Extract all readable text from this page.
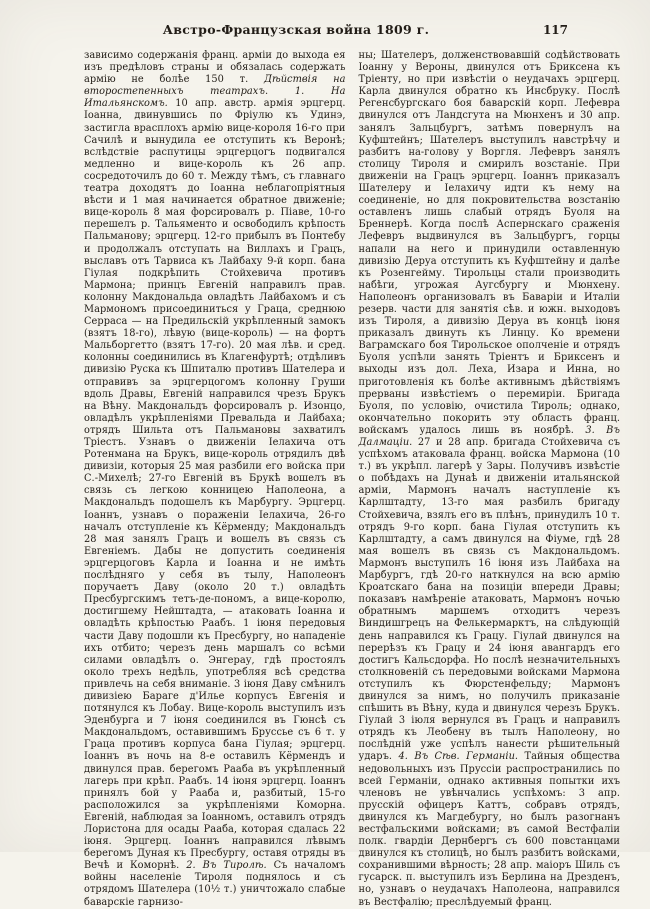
Австро-Французская война 1809 г.	117
зависимо содержанія франц. арміи до выхода ея изъ предѣловъ страны и обязалась содержать армію не болѣе 150 т. Дѣйствія на второстепенныхъ театрахъ. 1. На Итальянскомъ. 10 апр. австр. армія эрцгерц. Іоанна, двинувшись по Фріулю къ Удинэ, застигла врасплохъ армію вице-короля 16-го при Сачилѣ и вынудила ее отступить къ Веронѣ; вслѣдствіе распутицы эрцгерцогъ подвигался медленно и вице-король къ 26 апр. сосредоточилъ до 60 т. Между тѣмъ, съ главнаго театра доходятъ до Іоанна неблагопріятныя вѣсти и 1 мая начинается обратное движеніе; вице-король 8 мая форсировалъ р. Піаве, 10-го перешелъ р. Тальяменто и освободилъ крѣпость Пальманову; эрцгерц. 12-го прибылъ въ Понтебу и продолжалъ отступать на Виллахъ и Грацъ, выславъ отъ Тарвиса къ Лайбаху 9-й корп. бана Гіулая подкрѣпить Стойхевича противъ Мармона; принцъ Евгеній направилъ прав. колонну Макдональда овладѣть Лайбахомъ и съ Мармономъ присоединиться у Граца, среднюю Серраса — на Предильскій укрѣпленный замокъ (взятъ 18-го), лѣвую (вице-король) — на фортъ Мальборгетто (взятъ 17-го). 20 мая лѣв. и сред. колонны соединились въ Клагенфуртѣ; отдѣливъ дивизію Руска къ Шпиталю противъ Шателера и отправивъ за эрцгерцогомъ колонну Груши вдоль Дравы, Евгеній направился чрезъ Брукъ на Вѣну. Макдональдъ форсировалъ р. Изонцо, овладѣлъ укрѣпленіями Превальда и Лайбаха; отрядъ Шильта отъ Пальмановы захватилъ Тріестъ. Узнавъ о движеніи Іелахича отъ Ротенмана на Брукъ, вице-король отрядилъ двѣ дивизіи, которыя 25 мая разбили его войска при С.-Михелѣ; 27-го Евгеній въ Брукѣ вошелъ въ связь съ легкою конницею Наполеона, а Макдональдъ подошелъ къ Марбургу. Эрцгерц. Іоаннъ, узнавъ о пораженіи Іелахича, 26-го началъ отступленіе къ Кёрменду; Макдональдъ 28 мая занялъ Грацъ и вошелъ въ связь съ Евгеніемъ. Дабы не допустить соединенія эрцгерцоговъ Карла и Іоанна и не имѣть послѣдняго у себя въ тылу, Наполеонъ поручаетъ Даву (около 20 т.) овладѣть Пресбургскимъ тетъ-де-пономъ, а вице-королю, достигшему Нейштадта, — атаковать Іоанна и овладѣть крѣпостью Раабъ. 1 іюня передовыя части Даву подошли къ Пресбургу, но нападеніе ихъ отбито; черезъ день маршалъ со всѣми силами овладѣлъ о. Энгерау, гдѣ простоялъ около трехъ недѣль, употребляя всѣ средства привлечь на себя вниманіе. 3 іюня Даву смѣнилъ дивизіею Бараге д'Илье корпусъ Евгенія и потянулся къ Лобау. Вице-король выступилъ изъ Эденбурга и 7 іюня соединился въ Гюнсѣ съ Макдональдомъ, оставившимъ Бруссье съ 6 т. у Граца противъ корпуса бана Гіулая; эрцгерц. Іоаннъ въ ночь на 8-е оставилъ Кёрмендъ и двинулся прав. берегомъ Рааба въ укрѣпленный лагерь при крѣп. Раабъ. 14 іюня эрцгерц. Іоаннъ принялъ бой у Рааба и, разбитый, 15-го расположился за укрѣпленіями Коморна. Евгеній, наблюдая за Іоанномъ, оставилъ отрядъ Лористона для осады Рааба, которая сдалась 22 іюня. Эрцгерц. Іоаннъ направился лѣвымъ берегомъ Дуная къ Пресбургу, оставя отряды въ Вечѣ и Коморнѣ. 2. Въ Тиролѣ. Съ началомъ войны населеніе Тироля поднялось и съ отрядомъ Шателера (10½ т.) уничтожало слабые баварскіе гарнизо-
ны; Шателеръ, долженствовавшій содѣйствовать Іоанну у Вероны, двинулся отъ Бриксена къ Тріенту, но при извѣстіи о неудачахъ эрцгерц. Карла двинулся обратно къ Инсбруку. Послѣ Регенсбургскаго боя баварскій корп. Лефевра двинулся отъ Ландсгута на Мюнхенъ и 30 апр. занялъ Зальцбургъ, затѣмъ повернулъ на Куфштейнъ; Шателеръ выступилъ навстрѣчу и разбитъ на-голову у Воргля. Лефевръ занялъ столицу Тироля и смирилъ возстаніе. При движеніи на Грацъ эрцгерц. Іоаннъ приказалъ Шателеру и Іелахичу идти къ нему на соединеніе, но для покровительства возстанію оставленъ лишь слабый отрядъ Буоля на Бреннерѣ. Когда послѣ Аспернскаго сраженія Лефевръ выдвинулся въ Зальцбургъ, горцы напали на него и принудили оставленную дивизію Деруа отступить къ Куфштейну и далѣе къ Розенгейму. Тирольцы стали производить набѣги, угрожая Аугсбургу и Мюнхену. Наполеонъ организовалъ въ Баваріи и Италіи резерв. части для занятія сѣв. и южн. выходовъ изъ Тироля, а дивизію Деруа въ концѣ іюня приказалъ двинуть къ Линцу. Ко времени Ваграмскаго боя Тирольское ополченіе и отрядъ Буоля успѣли занять Тріентъ и Бриксенъ и выходы изъ дол. Леха, Изара и Инна, но приготовленія къ болѣе активнымъ дѣйствіямъ прерваны извѣстіемъ о перемиріи. Бригада Буоля, по условію, очистила Тироль; однако, окончательно покорить эту область франц. войскамъ удалось лишь въ ноябрѣ. 3. Въ Далмаціи. 27 и 28 апр. бригада Стойхевича съ успѣхомъ атаковала франц. войска Мармона (10 т.) въ укрѣпл. лагерѣ у Зары. Получивъ извѣстіе о побѣдахъ на Дунаѣ и движеніи итальянской арміи, Мармонъ началъ наступленіе къ Карлштадту, 13-го мая разбилъ бригаду Стойхевича, взялъ его въ плѣнъ, принудилъ 10 т. отрядъ 9-го корп. бана Гіулая отступить къ Карлштадту, а самъ двинулся на Фіуме, гдѣ 28 мая вошелъ въ связь съ Макдональдомъ. Мармонъ выступилъ 16 іюня изъ Лайбаха на Марбургъ, гдѣ 20-го наткнулся на всю армію Кроатскаго бана на позиціи впереди Дравы; показавъ намѣреніе атаковать, Мармонъ ночью обратнымъ маршемъ отходитъ черезъ Виндишгрецъ на Фелькермарктъ, на слѣдующій день направился къ Грацу. Гіулай двинулся на перерѣзъ къ Грацу и 24 іюня авангардъ его достигъ Кальсдорфа. Но послѣ незначительныхъ столкновеній съ передовыми войсками Мармона отступилъ къ Фюрстенфельду; Мармонъ двинулся за нимъ, но получилъ приказаніе спѣшить въ Вѣну, куда и двинулся черезъ Брукъ. Гіулай 3 іюля вернулся въ Грацъ и направилъ отрядъ къ Леобену въ тылъ Наполеону, но послѣдній уже успѣлъ нанести рѣшительный ударъ. 4. Въ Сѣв. Германіи. Тайныя общества недовольныхъ изъ Пруссіи распространились по всей Германіи, однако активныя попытки ихъ членовъ не увѣнчались успѣхомъ: 3 апр. прусскій офицеръ Каттъ, собравъ отрядъ, двинулся къ Магдебургу, но былъ разогнанъ вестфальскими войсками; въ самой Вестфаліи полк. гвардіи Дернбергъ съ 600 повстанцами двинулся къ столицѣ, но былъ разбитъ войсками, сохранившими вѣрность; 28 апр. маіоръ Шиль съ гусарск. п. выступилъ изъ Берлина на Дрезденъ, но, узнавъ о неудачахъ Наполеона, направился въ Вестфалію; преслѣдуемый франц.
